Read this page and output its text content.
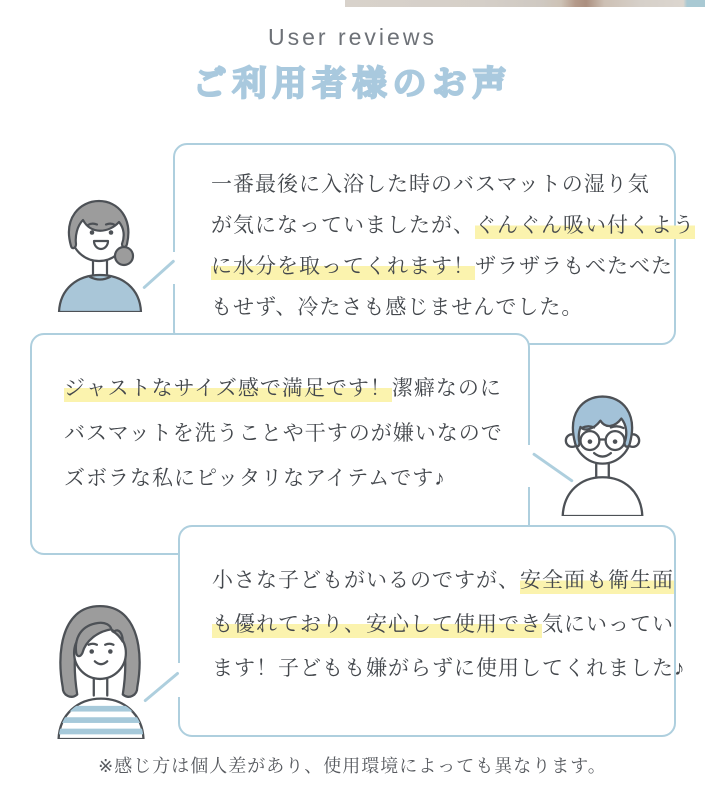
User reviews
ご利用者様のお声
一番最後に入浴した時のバスマットの湿り気
が気になっていましたが、ぐんぐん吸い付くよう
に水分を取ってくれます！ザラザラもべたべた
もせず、冷たさも感じませんでした。
ジャストなサイズ感で満足です！潔癖なのに
バスマットを洗うことや干すのが嫌いなので
ズボラな私にピッタリなアイテムです♪
小さな子どもがいるのですが、安全面も衛生面
も優れており、安心して使用でき気にいってい
ます！子どもも嫌がらずに使用してくれました♪
※感じ方は個人差があり、使用環境によっても異なります。
